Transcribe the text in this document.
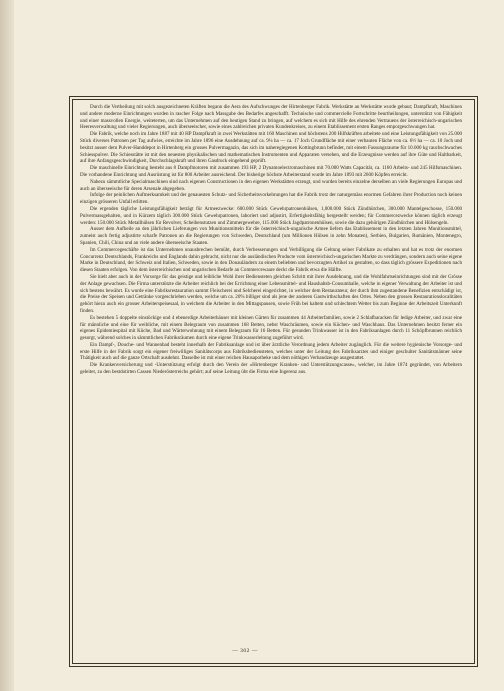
Durch die Vertheilung mit solch ausgezeichneten Kräften begann die Aera des Aufschwunges der Hirtenberger Fabrik. Werkstätte an Werkstätte wurde gebaut; Dampfkraft, Maschinen und andere moderne Einrichtungen wurden in rascher Folge nach Massgabe des Bedarfes angeschafft. Technische und commercielle Fortschritte beurtheilungen, unterstützt von Fähigkeit und einer massvollen Energie, weiteterten, um das Unternehmen auf den heutigen Stand zu bringen, auf welchem es sich mit Hilfe des ehrenden Vertrauens der österreichisch-ungarischen Heeresverwaltung und vieler Regierungen, auch überseeischer, sowie eines zahlreichen privaten Kundenkreises, zu einem Etablissement ersten Ranges emporgeschwungen hat.

Die Fabrik, welche noch im Jahre 1887 mit 40 HP Dampfkraft in zwei Werkstätten mit 160 Maschinen und höchstens 200 Hilfskräften arbeitete und eine Leistungsfähigkeit von 25.000 Stück diverses Patronen per Tag aufwies, erreichte im Jahre 1896 eine Ausdehnung auf ca. 9¼ ha — ca. 17 Joch Grundfläche mit einer verbauten Fläche von ca. 6½ ha — ca. 10 Joch und besitzt ausser dem Pulver-Handdepot in Hirtenberg ein grosses Pulvermagazin, das sich im naheregiegenen Kottingbrunn befindet, mit einem Fassungsraume für 10.000 kg rauchschwaches Schiesspulver. Die Schiesstätte ist mit den neuesten physikalischen und mathematischen Instrumenten und Apparaten versehen, und die Erzeugnisse werden auf ihre Güte und Haltbarkeit, auf ihre Anfangsgeschwindigkeit, Durchschlagskraft und ihren Gasdruck eingehend geprüft.

Die maschinelle Einrichtung besteht aus 8 Dampfmotoren mit zusammen 193 HP, 2 Dynamoelectromaschinen mit 70.000 Watts Capacität, ca. 1160 Arbeits- und 245 Hilfsmaschinen. Die vorhandene Einrichtung und Ausrüstung ist für 800 Arbeiter ausreichend. Der bisherige höchste Arbeiterstand wurde im Jahre 1893 mit 2600 Köpfen erreicht.

Nahezu sämmtliche Specialmaschinen sind nach eigenen Constructionen in den eigenen Werkstätten erzeugt, und wurden bereits einzelne derselben an viele Regierungen Europas und auch an überseeische für deren Arsenale abgegeben.

Infolge der peinlichen Aufmerksamkeit und der genauesten Schutz- und Sicherheitsvorkehrungen hat die Fabrik trotz der naturgemäss enormen Gefahren ihrer Production noch keinen einzigen grösseren Unfall erlitten.

Die ergenden tägliche Leistungsfähigkeit beträgt für Armeezwecke: 600.000 Stück Gewehrpatronenhülsen, 1,000.000 Stück Zündhütchen, 300.000 Mantelgeschosse, 150.000 Pulvermassgehalten, und in Kürzem täglich 300.000 Stück Gewehrpatronen, laboriert und adjustirt, Erfertigkeitsfähig hergestellt werden; für Commercezwecke können täglich erzeugt werden: 150.000 Stück Metallhülsen für Revolver, Scheibenstutzen und Zimmergewehre, 115.000 Stück Jagdpatronenhülsen, sowie die dazu gehörigen Zündhütchen und Hülsengeln.

Ausser dem Aufheile an den jährlichen Lieferungen von Munitionsmitteln für die österreichisch-ungarische Armee liefern das Etablissement in den letzten Jahren Munitionsmittel, zumeist auch fertig adjustirte scharfe Patronen an die Regierungen von Schweden, Deutschland (um Millionen Hülsen in zehn Monaten), Serbien, Bulgarien, Rumänien, Montenegro, Spanien, Chili, China und an viele andere überseeische Staaten.

Im Commercegeschäfte ist das Unternehmen unausbrechen bemüht, durch Verbesserungen und Verbilligung die Geltung seiner Fabrikate zu erhalten und hat es trotz der enormen Concurrenz Deutschlands, Frankreichs und Englands dahin gebracht, nicht nur die ausländischen Producte vom österreichisch-ungarischen Markte zu verdrängen, sondern auch seine eigene Marke in Deutschland, der Schweiz und Italien, Schweden, sowie in den Donauländern zu einem beliebten und bevorzugten Artikel zu gestalten, so dass täglich grössere Expeditionen nach diesen Staaten erfolgen. Von dem österreichischen und ungarischen Bedarfe an Commercewaare deckt die Fabrik etwa die Hälfte.

Sie hielt aber auch in der Vorsorge für das geistige und leibliche Wohl ihrer Bediensteten gleichen Schritt mit ihrer Ausdehnung, und die Wohlfahrtseinrichtungen sind mit der Grösse der Anlage gewachsen. Die Firma unterstützte die Arbeiter reichlich bei der Errichtung einer Lebensmittel- und Haushaltsb-Consumhalle, welche in eigener Verwaltung der Arbeiter ist und sich bestens bewährt. Es wurde eine Fabriksrestauration sammt Fleischerei und Selcherei eingerichtet, in welcher dem Restaurateur, der durch ihm zugestandene Benefizien entschädigt ist, die Preise der Speisen und Getränke vorgeschrieben werden, welche um ca. 20% billiger sind als jene der anderen Gastwirthschaften des Ortes. Neben den grossen Restaurationslocalitäten gehört hiezu auch ein grosser Arbeiterspeisesaal, in welchem die Arbeiter in den Mittagspausen, sowie Früh bei kaltem und schlechtem Wetter bis zum Beginne der Arbeitszeit Unterkunft finden.

Es bestehen 5 doppelte einstöckige und 4 ebenerdige Arbeiterhäuser mit kleinen Gärten für zusammen 44 Arbeiterfamilien, sowie 2 Schlafbaracken für ledige Arbeiter, und zwar eine für männliche und eine für weibliche, mit einem Belegraum von zusammen 168 Betten, nebst Waschräumen, sowie ein Küchen- und Waschhaus. Das Unternehmen besitzt ferner ein eigenes Epidemiespital mit Küche, Bad und Wärterwohnung mit einem Belegraum für 16 Betten. Für gesunden Trinkwasser ist in den Fabriksanlagen durch 11 Schöpfbrunnen reichlich gesorgt, während solches in sämmtlichen Fabriksräumen durch eine eigene Trinkwasserleitung zugeführt wird.

Ein Dampf-, Douche- und Wannenbad besteht innerhalb der Fabriksanlage und ist über ärztliche Verordnung jedem Arbeiter zugänglich. Für die weitere hygienische Vorsorge- und erste Hilfe in der Fabrik sorgt ein eigener freiwilliges Sanitätscorps aus Fabriksbediensteten, welches unter der Leitung des Fabriksarztes und einiger geschulter Sanitätsmänner seine Thätigkeit auch auf die ganze Ortschaft ausdehnt. Dasselbe ist mit einer reichen Hausapotheke und dem nöthigen Verbandzeuge ausgestattet.

Die Krankenversicherung und -Unterstützung erfolgt durch den Verein der »Hirtenberger Kranken- und Unterstützungscasse«, welcher, im Jahre 1874 gegründet, von Arbeitern geleitet, zu den bestdotirten Cassen Niederösterreichs gehört; auf seine Leitung übt die Firma eine Ingerenz aus.

— 302 —
